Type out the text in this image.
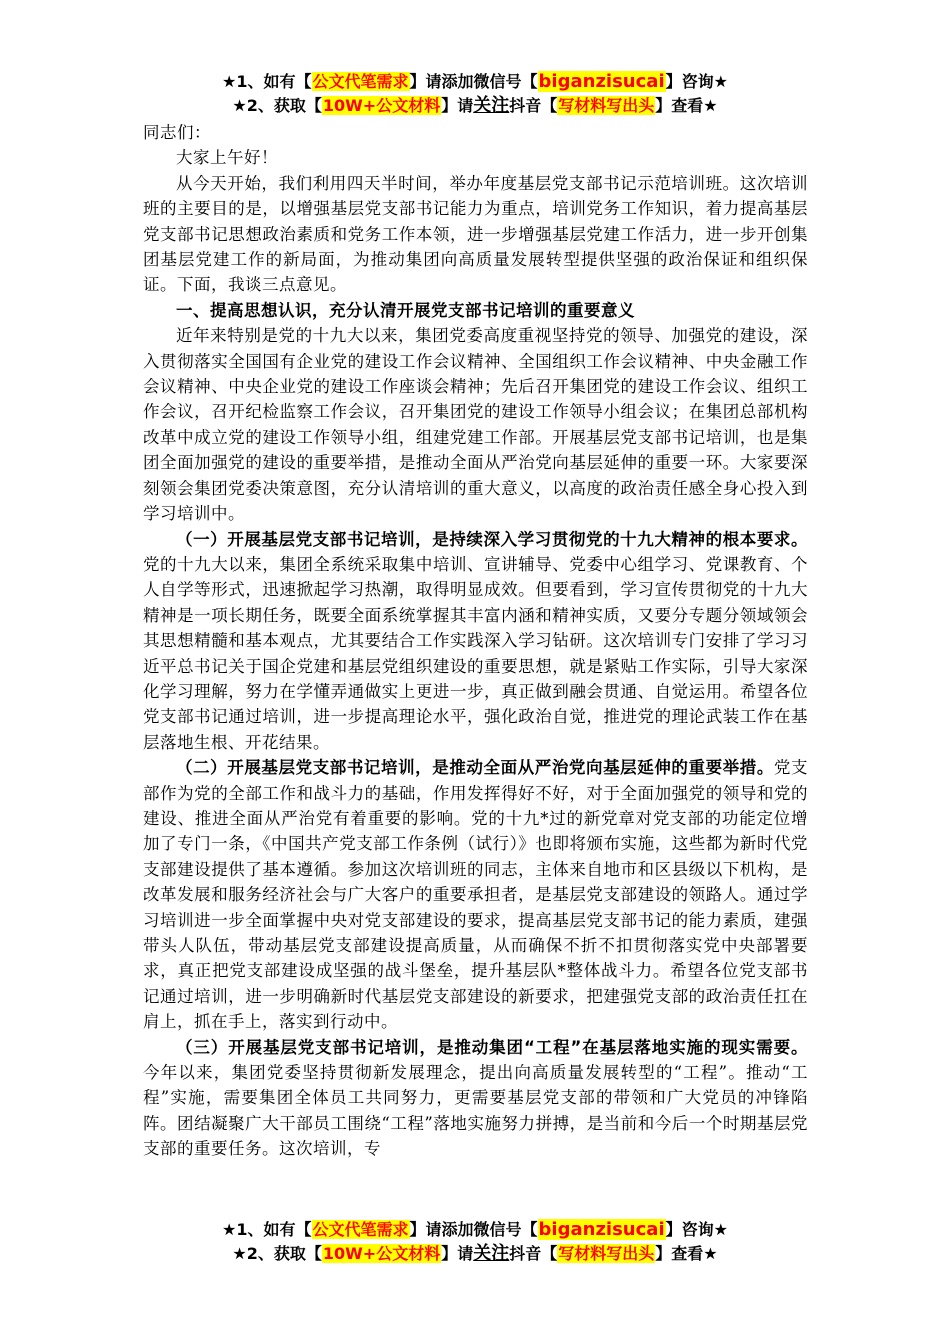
★1、如有【公文代笔需求】请添加微信号【biganzisucai】咨询★
★2、获取【10W+公文材料】请关注抖音【写材料写出头】查看★

同志们：

大家上午好！

从今天开始，我们利用四天半时间，举办年度基层党支部书记示范培训班。这次培训班的主要目的是，以增强基层党支部书记能力为重点，培训党务工作知识，着力提高基层党支部书记思想政治素质和党务工作本领，进一步增强基层党建工作活力，进一步开创集团基层党建工作的新局面，为推动集团向高质量发展转型提供坚强的政治保证和组织保证。下面，我谈三点意见。

一、提高思想认识，充分认清开展党支部书记培训的重要意义

近年来特别是党的十九大以来，集团党委高度重视坚持党的领导、加强党的建设，深入贯彻落实全国国有企业党的建设工作会议精神、全国组织工作会议精神、中央金融工作会议精神、中央企业党的建设工作座谈会精神；先后召开集团党的建设工作会议、组织工作会议，召开纪检监察工作会议，召开集团党的建设工作领导小组会议；在集团总部机构改革中成立党的建设工作领导小组，组建党建工作部。开展基层党支部书记培训，也是集团全面加强党的建设的重要举措，是推动全面从严治党向基层延伸的重要一环。大家要深刻领会集团党委决策意图，充分认清培训的重大意义，以高度的政治责任感全身心投入到学习培训中。

（一）开展基层党支部书记培训，是持续深入学习贯彻党的十九大精神的根本要求。党的十九大以来，集团全系统采取集中培训、宣讲辅导、党委中心组学习、党课教育、个人自学等形式，迅速掀起学习热潮，取得明显成效。但要看到，学习宣传贯彻党的十九大精神是一项长期任务，既要全面系统掌握其丰富内涵和精神实质，又要分专题分领域领会其思想精髓和基本观点，尤其要结合工作实践深入学习钻研。这次培训专门安排了学习习近平总书记关于国企党建和基层党组织建设的重要思想，就是紧贴工作实际，引导大家深化学习理解，努力在学懂弄通做实上更进一步，真正做到融会贯通、自觉运用。希望各位党支部书记通过培训，进一步提高理论水平，强化政治自觉，推进党的理论武装工作在基层落地生根、开花结果。

（二）开展基层党支部书记培训，是推动全面从严治党向基层延伸的重要举措。党支部作为党的全部工作和战斗力的基础，作用发挥得好不好，对于全面加强党的领导和党的建设、推进全面从严治党有着重要的影响。党的十九*过的新党章对党支部的功能定位增加了专门一条，《中国共产党支部工作条例（试行）》也即将颁布实施，这些都为新时代党支部建设提供了基本遵循。参加这次培训班的同志，主体来自地市和区县级以下机构，是改革发展和服务经济社会与广大客户的重要承担者，是基层党支部建设的领路人。通过学习培训进一步全面掌握中央对党支部建设的要求，提高基层党支部书记的能力素质，建强带头人队伍，带动基层党支部建设提高质量，从而确保不折不扣贯彻落实党中央部署要求，真正把党支部建设成坚强的战斗堡垒，提升基层队*整体战斗力。希望各位党支部书记通过培训，进一步明确新时代基层党支部建设的新要求，把建强党支部的政治责任扛在肩上，抓在手上，落实到行动中。

（三）开展基层党支部书记培训，是推动集团“工程”在基层落地实施的现实需要。今年以来，集团党委坚持贯彻新发展理念，提出向高质量发展转型的“工程”。推动“工程”实施，需要集团全体员工共同努力，更需要基层党支部的带领和广大党员的冲锋陷阵。团结凝聚广大干部员工围绕“工程”落地实施努力拼搏，是当前和今后一个时期基层党支部的重要任务。这次培训，专

★1、如有【公文代笔需求】请添加微信号【biganzisucai】咨询★
★2、获取【10W+公文材料】请关注抖音【写材料写出头】查看★
